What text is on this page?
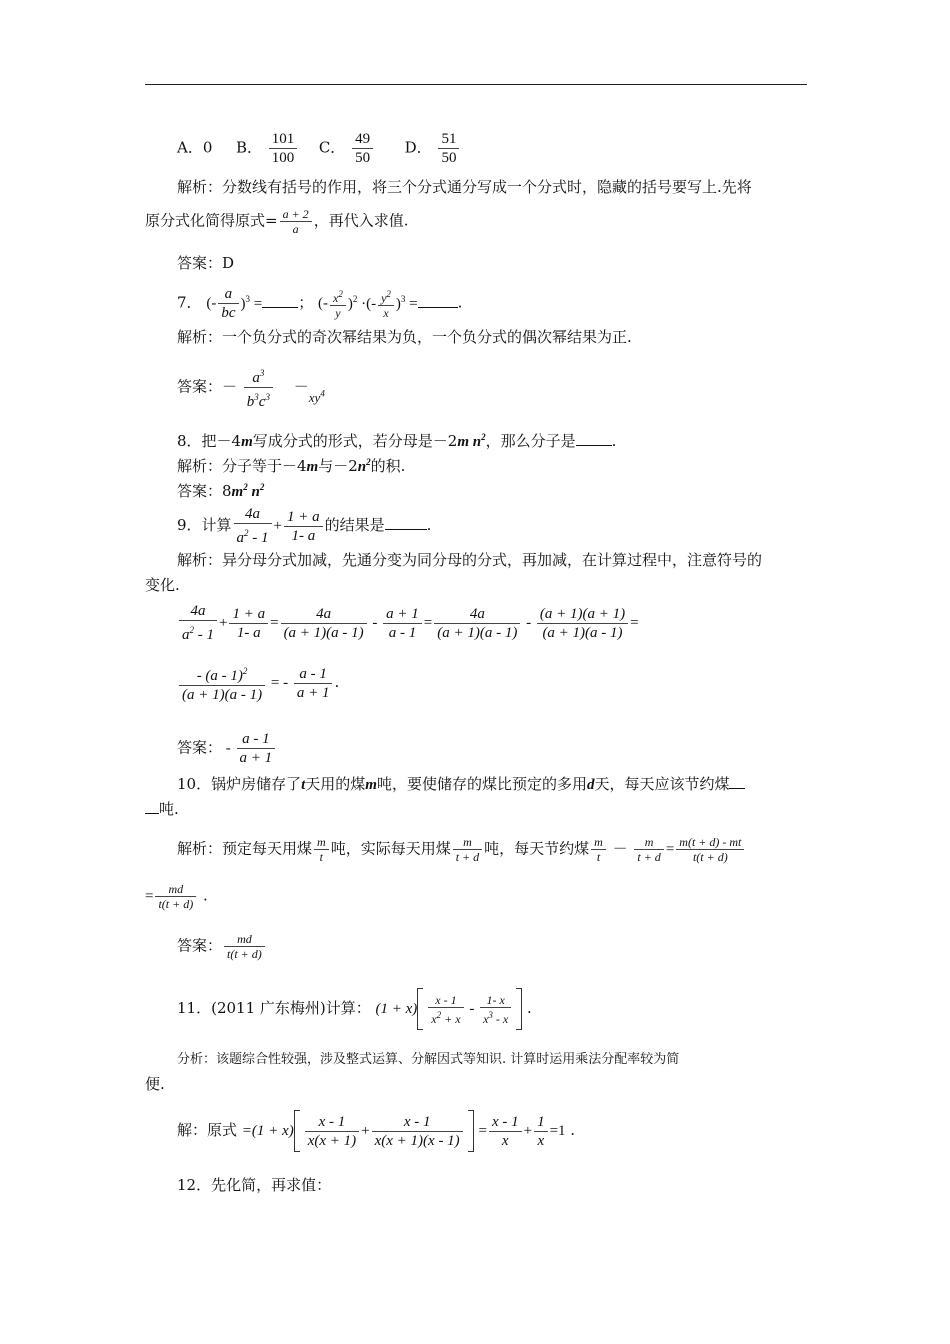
A．0 B． $\frac{101}{100}$ C． $\frac{49}{50}$ D． $\frac{51}{50}$
解析：分数线有括号的作用，将三个分式通分写成一个分式时，隐藏的括号要写上.先将
原分式化简得原式= $\frac{a + 2}{a}$ ，再代入求值.
答案：D
7． (- $\frac{a}{bc} )^3$ = ； (- $\frac{x^2}{y} )^2$ ·(- $\frac{y^2}{x} )^3$ =	.
解析：一个负分式的奇次幂结果为负，一个负分式的偶次幂结果为正.
答案：－ $\frac{a^3}{b^3c^3} -xy^4$
8．把－4m写成分式的形式，若分母是－2m $n^2$，那么分子是 .
解析：分子等于－4m与$-2n^2$的积.
答案：$8m^2$ $n^2$
9．计算 $\frac{4a}{a^2 - 1} + \frac{1 + a}{1- a}$ 的结果是	.
解析：异分母分式加减，先通分变为同分母的分式，再加减，在计算过程中，注意符号的
变化.
$\frac{4a}{a^2 - 1} + \frac{1 + a}{1- a} = \frac{4a}{(a + 1)(a - 1)} - \frac{a + 1}{a - 1} = \frac{4a}{(a + 1)(a - 1)} - \frac{(a + 1)(a + 1)}{(a + 1)(a - 1)}$ =
$\frac{- (a - 1)^2}{(a + 1)(a - 1)}$ = - $\frac{a - 1}{a + 1}$ .
答案： - $\frac{a - 1}{a + 1}$
10．锅炉房储存了t天用的煤m吨，要使储存的煤比预定的多用d天，每天应该节约煤
吨.
解析：预定每天用煤 $\frac{m}{t}$ 吨，实际每天用煤 $\frac{m}{t + d}$ 吨，每天节约煤 $\frac{m}{t} - \frac{m}{t + d} = \frac{m(t + d) - mt}{t(t + d)}$
= $\frac{md}{t(t + d)}$ .
答案： $\frac{md}{t(t + d)}$
11．(2011 广东梅州)计算： $(1 + x) \frac{x - 1}{x^2 + x} - \frac{1- x}{x^3 - x}$ .
分析：该题综合性较强，涉及整式运算、分解因式等知识. 计算时运用乘法分配率较为简
便.
解：原式 $=(1 + x) \frac{x - 1}{x(x + 1)} + \frac{x - 1}{x(x + 1)(x - 1)} = \frac{x - 1}{x} + \frac{1}{x} =1$ .
12．先化简，再求值：
